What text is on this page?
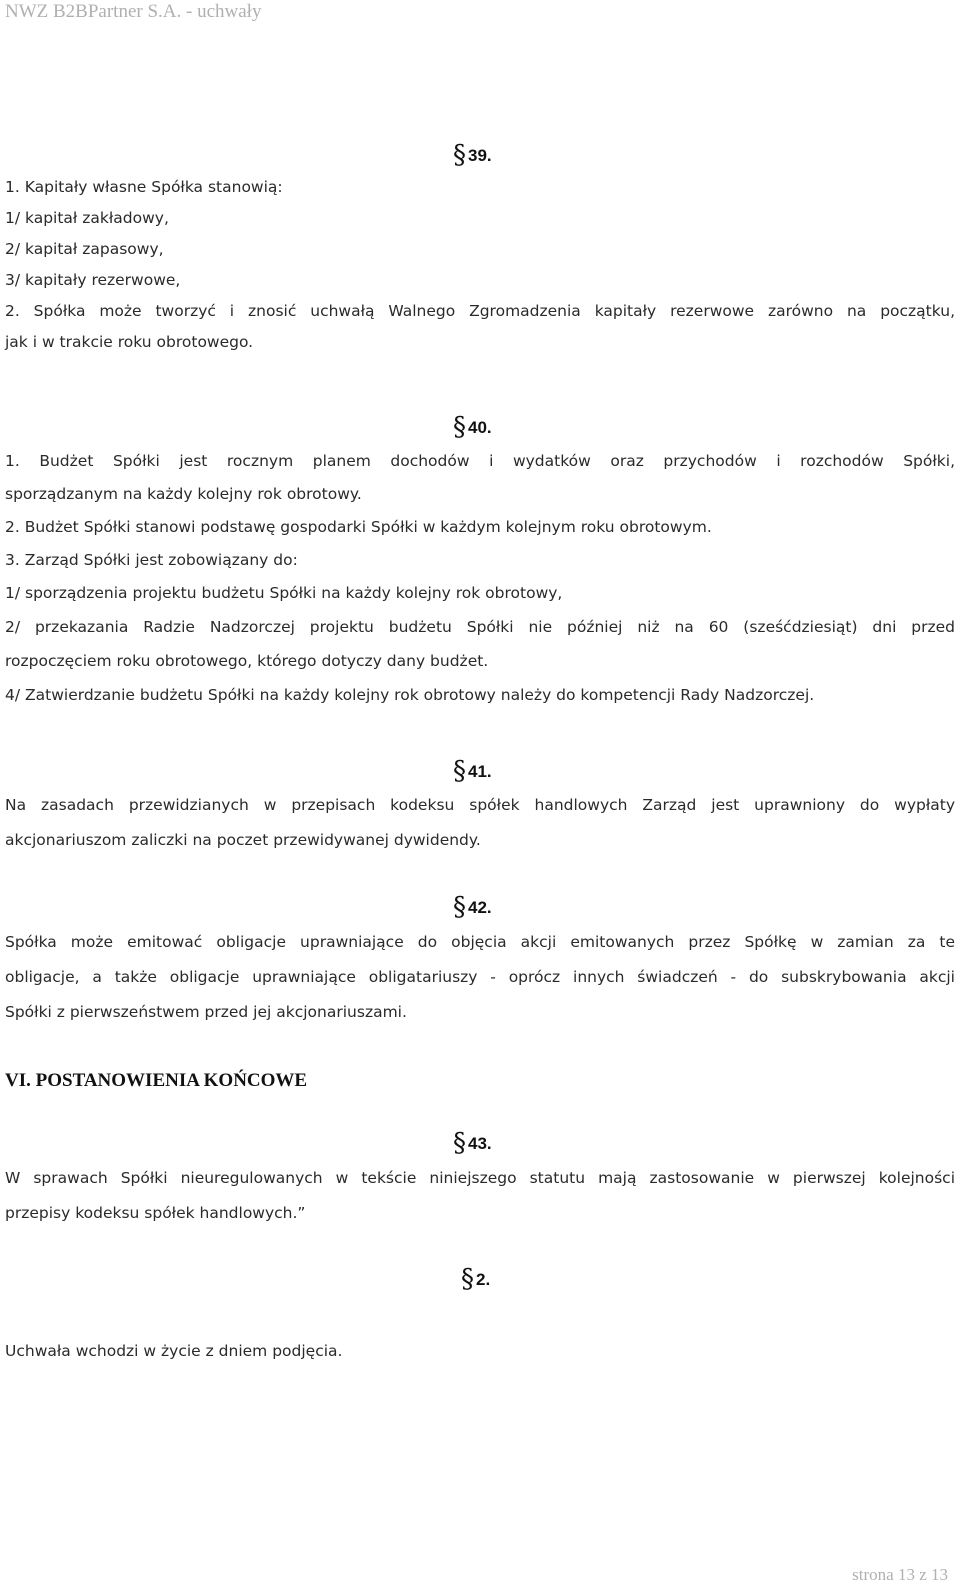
NWZ B2BPartner S.A. - uchwały
§ 39.
1. Kapitały własne Spółka stanowią:
1/ kapitał zakładowy,
2/ kapitał zapasowy,
3/ kapitały rezerwowe,
2. Spółka może tworzyć i znosić uchwałą Walnego Zgromadzenia kapitały rezerwowe zarówno na początku,
jak i w trakcie roku obrotowego.
§ 40.
1. Budżet Spółki jest rocznym planem dochodów i wydatków oraz przychodów i rozchodów Spółki,
sporządzanym na każdy kolejny rok obrotowy.
2. Budżet Spółki stanowi podstawę gospodarki Spółki w każdym kolejnym roku obrotowym.
3. Zarząd Spółki jest zobowiązany do:
1/ sporządzenia projektu budżetu Spółki na każdy kolejny rok obrotowy,
2/ przekazania Radzie Nadzorczej projektu budżetu Spółki nie później niż na 60 (sześćdziesiąt) dni przed
rozpoczęciem roku obrotowego, którego dotyczy dany budżet.
4/ Zatwierdzanie budżetu Spółki na każdy kolejny rok obrotowy należy do kompetencji Rady Nadzorczej.
§ 41.
Na zasadach przewidzianych w przepisach kodeksu spółek handlowych Zarząd jest uprawniony do wypłaty
akcjonariuszom zaliczki na poczet przewidywanej dywidendy.
§ 42.
Spółka może emitować obligacje uprawniające do objęcia akcji emitowanych przez Spółkę w zamian za te
obligacje, a także obligacje uprawniające obligatariuszy - oprócz innych świadczeń - do subskrybowania akcji
Spółki z pierwszeństwem przed jej akcjonariuszami.
VI. POSTANOWIENIA KOŃCOWE
§ 43.
W sprawach Spółki nieuregulowanych w tekście niniejszego statutu mają zastosowanie w pierwszej kolejności
przepisy kodeksu spółek handlowych.”
§ 2.
Uchwała wchodzi w życie z dniem podjęcia.
strona 13 z 13
